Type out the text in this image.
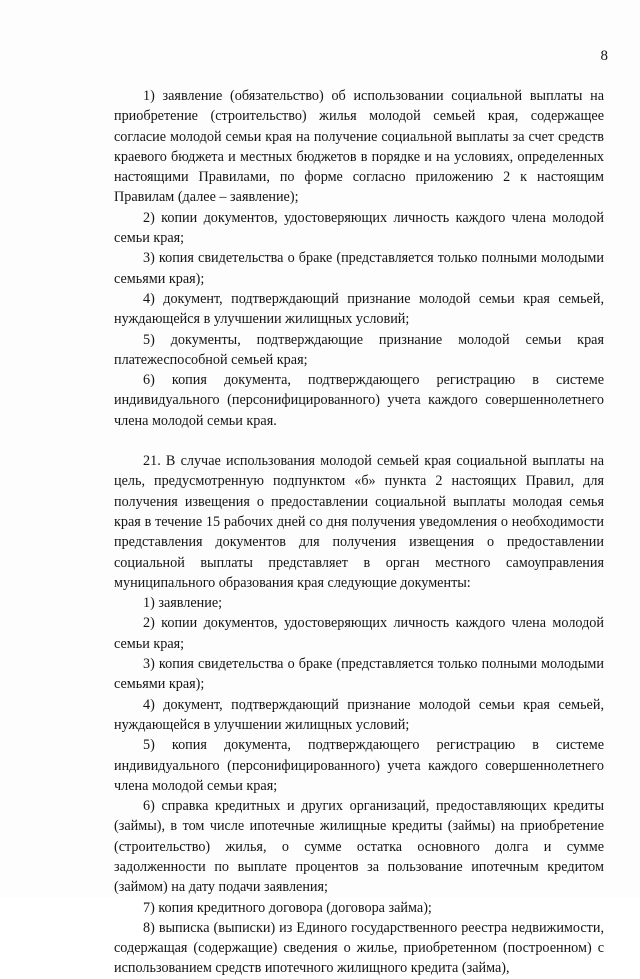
8

1) заявление (обязательство) об использовании социальной выплаты на приобретение (строительство) жилья молодой семьей края, содержащее согласие молодой семьи края на получение социальной выплаты за счет средств краевого бюджета и местных бюджетов в порядке и на условиях, определенных настоящими Правилами, по форме согласно приложению 2 к настоящим Правилам (далее – заявление);

2) копии документов, удостоверяющих личность каждого члена молодой семьи края;

3) копия свидетельства о браке (представляется только полными молодыми семьями края);

4) документ, подтверждающий признание молодой семьи края семьей, нуждающейся в улучшении жилищных условий;

5) документы, подтверждающие признание молодой семьи края платежеспособной семьей края;

6) копия документа, подтверждающего регистрацию в системе индивидуального (персонифицированного) учета каждого совершеннолетнего члена молодой семьи края.

21. В случае использования молодой семьей края социальной выплаты на цель, предусмотренную подпунктом «б» пункта 2 настоящих Правил, для получения извещения о предоставлении социальной выплаты молодая семья края в течение 15 рабочих дней со дня получения уведомления о необходимости представления документов для получения извещения о предоставлении социальной выплаты представляет в орган местного самоуправления муниципального образования края следующие документы:

1) заявление;

2) копии документов, удостоверяющих личность каждого члена молодой семьи края;

3) копия свидетельства о браке (представляется только полными молодыми семьями края);

4) документ, подтверждающий признание молодой семьи края семьей, нуждающейся в улучшении жилищных условий;

5) копия документа, подтверждающего регистрацию в системе индивидуального (персонифицированного) учета каждого совершеннолетнего члена молодой семьи края;

6) справка кредитных и других организаций, предоставляющих кредиты (займы), в том числе ипотечные жилищные кредиты (займы) на приобретение (строительство) жилья, о сумме остатка основного долга и сумме задолженности по выплате процентов за пользование ипотечным кредитом (займом) на дату подачи заявления;

7) копия кредитного договора (договора займа);

8) выписка (выписки) из Единого государственного реестра недвижимости, содержащая (содержащие) сведения о жилье, приобретенном (построенном) с использованием средств ипотечного жилищного кредита (займа),
